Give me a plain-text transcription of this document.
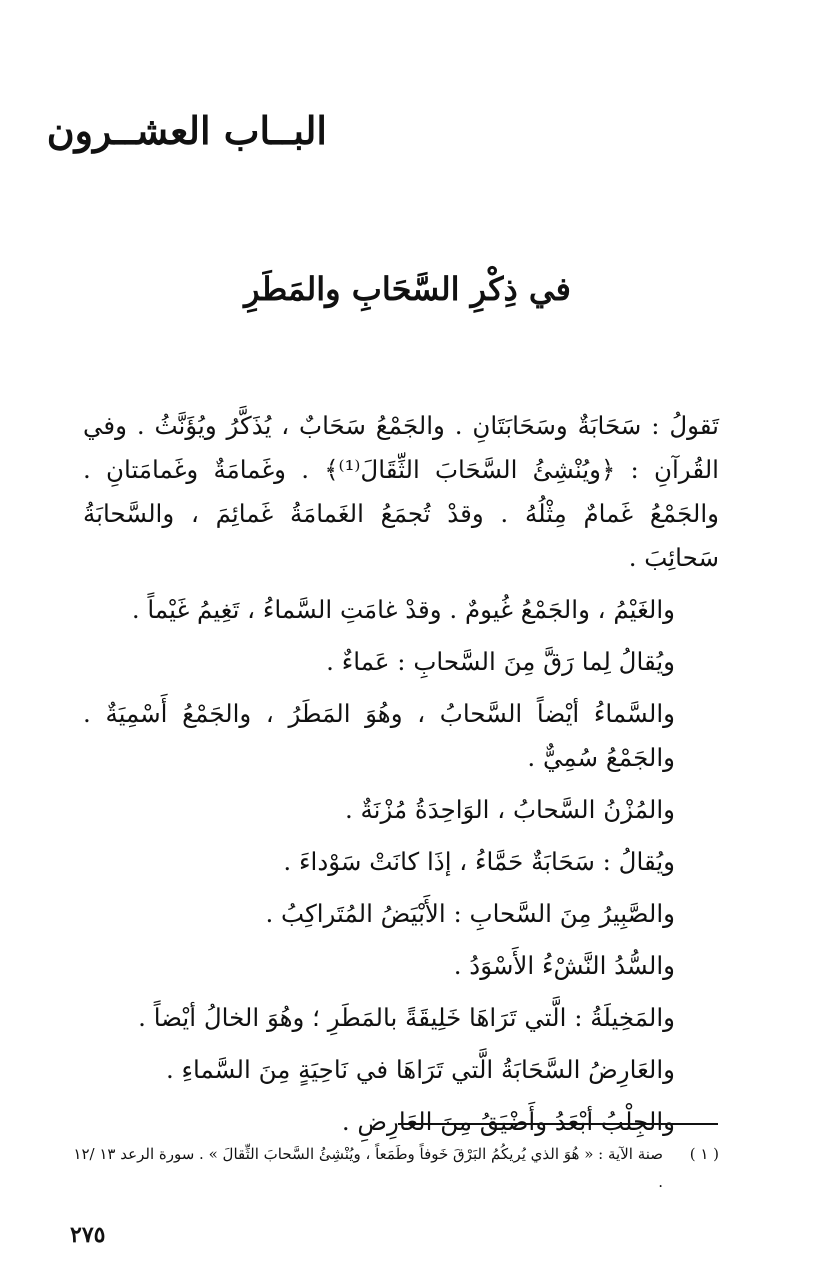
البــاب العشــرون
في ذِكْرِ السَّحَابِ والمَطَرِ

تَقولُ : سَحَابَةٌ وسَحَابَتَانِ . والجَمْعُ سَحَابٌ ، يُذَكَّرُ ويُؤَنَّثُ . وفي القُرآنِ : ﴿ويُنْشِئُ السَّحَابَ الثِّقَالَ⁽¹⁾﴾ . وغَمامَةٌ وغَمامَتانِ . والجَمْعُ غَمامٌ مِثْلُهُ . وقدْ تُجمَعُ الغَمامَةُ غَمائِمَ ، والسَّحابَةُ سَحائِبَ .

والغَيْمُ ، والجَمْعُ غُيومٌ . وقدْ غامَتِ السَّماءُ ، تَغِيمُ غَيْماً .

ويُقالُ لِما رَقَّ مِنَ السَّحابِ : عَماءٌ .

والسَّماءُ أيْضاً السَّحابُ ، وهُوَ المَطَرُ ، والجَمْعُ أَسْمِيَةٌ . والجَمْعُ سُمِيٌّ .

والمُزْنُ السَّحابُ ، الوَاحِدَةُ مُزْنَةٌ .

ويُقالُ : سَحَابَةٌ حَمَّاءُ ، إذَا كانَتْ سَوْداءَ .

والصَّبِيرُ مِنَ السَّحابِ : الأَبْيَضُ المُتَراكِبُ .

والسُّدُ النَّشْءُ الأَسْوَدُ .

والمَخِيلَةُ : الَّتي تَرَاهَا خَلِيقَةً بالمَطَرِ ؛ وهُوَ الخالُ أيْضاً .

والعَارِضُ السَّحَابَةُ الَّتي تَرَاهَا في نَاحِيَةٍ مِنَ السَّماءِ .

والجِلْبُ أبْعَدُ وأَضْيَقُ مِنَ العَارِضِ .

( ١ )
صنة الآية : « هُوَ الذي يُريكُمُ البَرْقَ خَوفاً وطَمَعاً ، ويُنْشِئُ السَّحابَ الثِّقالَ » . سورة الرعد ١٣ /١٢ .
٢٧٥
